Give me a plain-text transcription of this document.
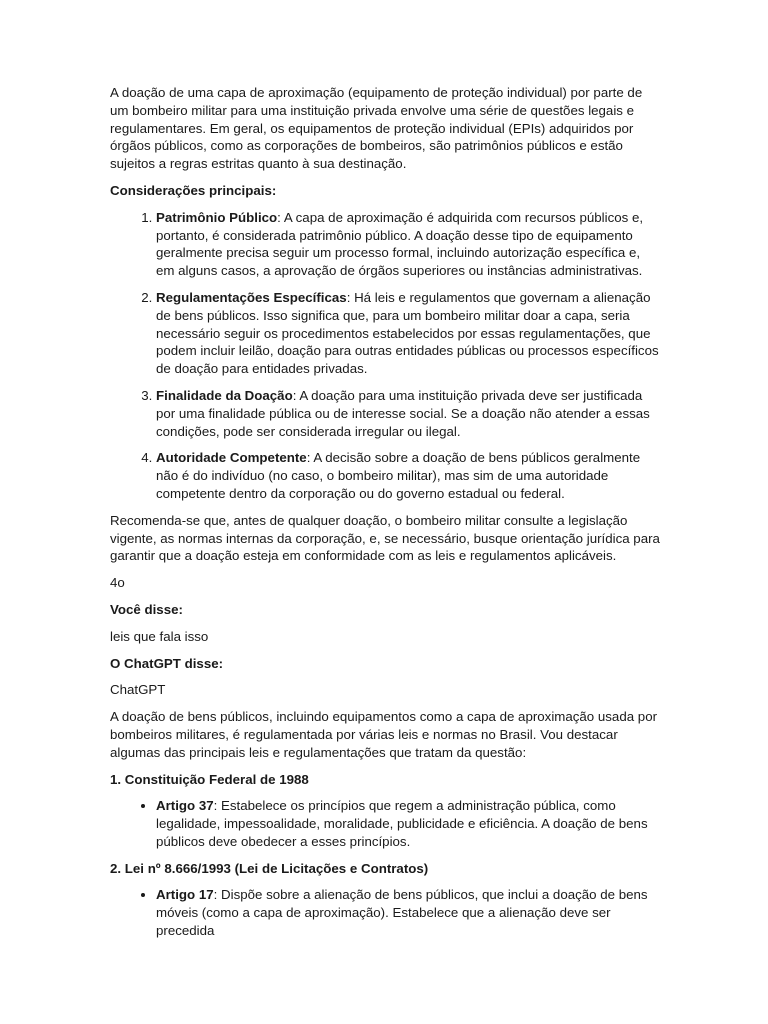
A doação de uma capa de aproximação (equipamento de proteção individual) por parte de um bombeiro militar para uma instituição privada envolve uma série de questões legais e regulamentares. Em geral, os equipamentos de proteção individual (EPIs) adquiridos por órgãos públicos, como as corporações de bombeiros, são patrimônios públicos e estão sujeitos a regras estritas quanto à sua destinação.

Considerações principais:

1. Patrimônio Público: A capa de aproximação é adquirida com recursos públicos e, portanto, é considerada patrimônio público. A doação desse tipo de equipamento geralmente precisa seguir um processo formal, incluindo autorização específica e, em alguns casos, a aprovação de órgãos superiores ou instâncias administrativas.
2. Regulamentações Específicas: Há leis e regulamentos que governam a alienação de bens públicos. Isso significa que, para um bombeiro militar doar a capa, seria necessário seguir os procedimentos estabelecidos por essas regulamentações, que podem incluir leilão, doação para outras entidades públicas ou processos específicos de doação para entidades privadas.
3. Finalidade da Doação: A doação para uma instituição privada deve ser justificada por uma finalidade pública ou de interesse social. Se a doação não atender a essas condições, pode ser considerada irregular ou ilegal.
4. Autoridade Competente: A decisão sobre a doação de bens públicos geralmente não é do indivíduo (no caso, o bombeiro militar), mas sim de uma autoridade competente dentro da corporação ou do governo estadual ou federal.

Recomenda-se que, antes de qualquer doação, o bombeiro militar consulte a legislação vigente, as normas internas da corporação, e, se necessário, busque orientação jurídica para garantir que a doação esteja em conformidade com as leis e regulamentos aplicáveis.

4o

Você disse:

leis que fala isso

O ChatGPT disse:

ChatGPT

A doação de bens públicos, incluindo equipamentos como a capa de aproximação usada por bombeiros militares, é regulamentada por várias leis e normas no Brasil. Vou destacar algumas das principais leis e regulamentações que tratam da questão:

1. Constituição Federal de 1988

• Artigo 37: Estabelece os princípios que regem a administração pública, como legalidade, impessoalidade, moralidade, publicidade e eficiência. A doação de bens públicos deve obedecer a esses princípios.

2. Lei nº 8.666/1993 (Lei de Licitações e Contratos)

• Artigo 17: Dispõe sobre a alienação de bens públicos, que inclui a doação de bens móveis (como a capa de aproximação). Estabelece que a alienação deve ser precedida
